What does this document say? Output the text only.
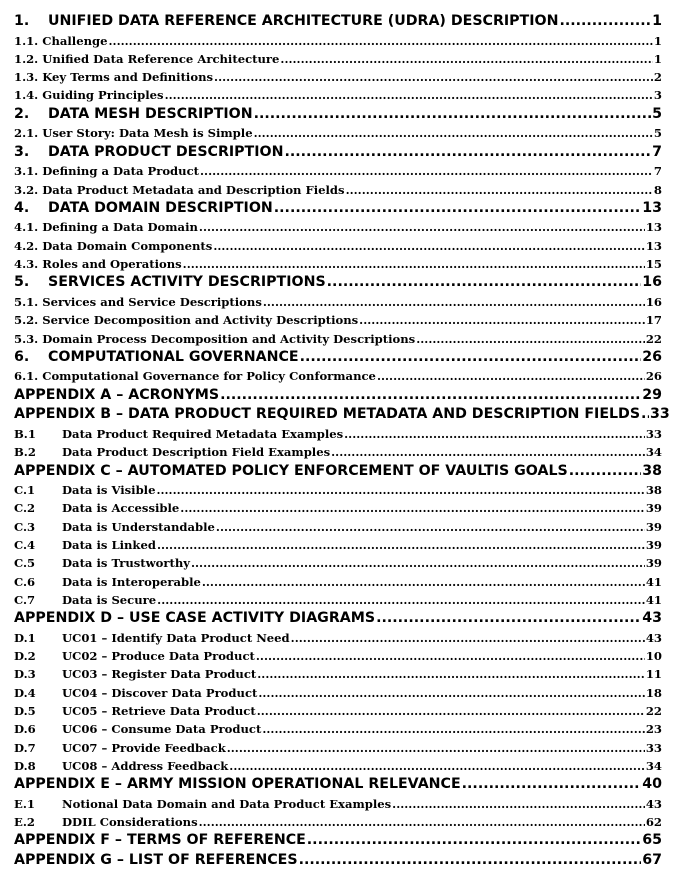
1.	UNIFIED DATA REFERENCE ARCHITECTURE (UDRA) DESCRIPTION .....	1
1.1. Challenge .....	1
1.2. Unified Data Reference Architecture .....	1
1.3. Key Terms and Definitions .....	2
1.4. Guiding Principles .....	3
2.	DATA MESH DESCRIPTION .....	5
2.1. User Story: Data Mesh is Simple .....	5
3.	DATA PRODUCT DESCRIPTION .....	7
3.1. Defining a Data Product .....	7
3.2. Data Product Metadata and Description Fields .....	8
4.	DATA DOMAIN DESCRIPTION .....	13
4.1. Defining a Data Domain .....	13
4.2. Data Domain Components .....	13
4.3. Roles and Operations .....	15
5.	SERVICES ACTIVITY DESCRIPTIONS .....	16
5.1. Services and Service Descriptions .....	16
5.2. Service Decomposition and Activity Descriptions .....	17
5.3. Domain Process Decomposition and Activity Descriptions .....	22
6.	COMPUTATIONAL GOVERNANCE .....	26
6.1. Computational Governance for Policy Conformance .....	26
APPENDIX A – ACRONYMS .....	29
APPENDIX B – DATA PRODUCT REQUIRED METADATA AND DESCRIPTION FIELDS ..... 33
B.1	Data Product Required Metadata Examples .....	33
B.2	Data Product Description Field Examples .....	34
APPENDIX C – AUTOMATED POLICY ENFORCEMENT OF VAULTIS GOALS .....	38
C.1	Data is Visible .....	38
C.2	Data is Accessible .....	39
C.3	Data is Understandable .....	39
C.4	Data is Linked .....	39
C.5	Data is Trustworthy .....	39
C.6	Data is Interoperable .....	41
C.7	Data is Secure .....	41
APPENDIX D – USE CASE ACTIVITY DIAGRAMS .....	43
D.1	UC01 – Identify Data Product Need .....	43
D.2	UC02 – Produce Data Product .....	10
D.3	UC03 – Register Data Product .....	11
D.4	UC04 – Discover Data Product .....	18
D.5	UC05 – Retrieve Data Product .....	22
D.6	UC06 – Consume Data Product .....	23
D.7	UC07 – Provide Feedback .....	33
D.8	UC08 – Address Feedback .....	34
APPENDIX E – ARMY MISSION OPERATIONAL RELEVANCE .....	40
E.1	Notional Data Domain and Data Product Examples .....	43
E.2	DDIL Considerations .....	62
APPENDIX F – TERMS OF REFERENCE .....	65
APPENDIX G – LIST OF REFERENCES .....	67
